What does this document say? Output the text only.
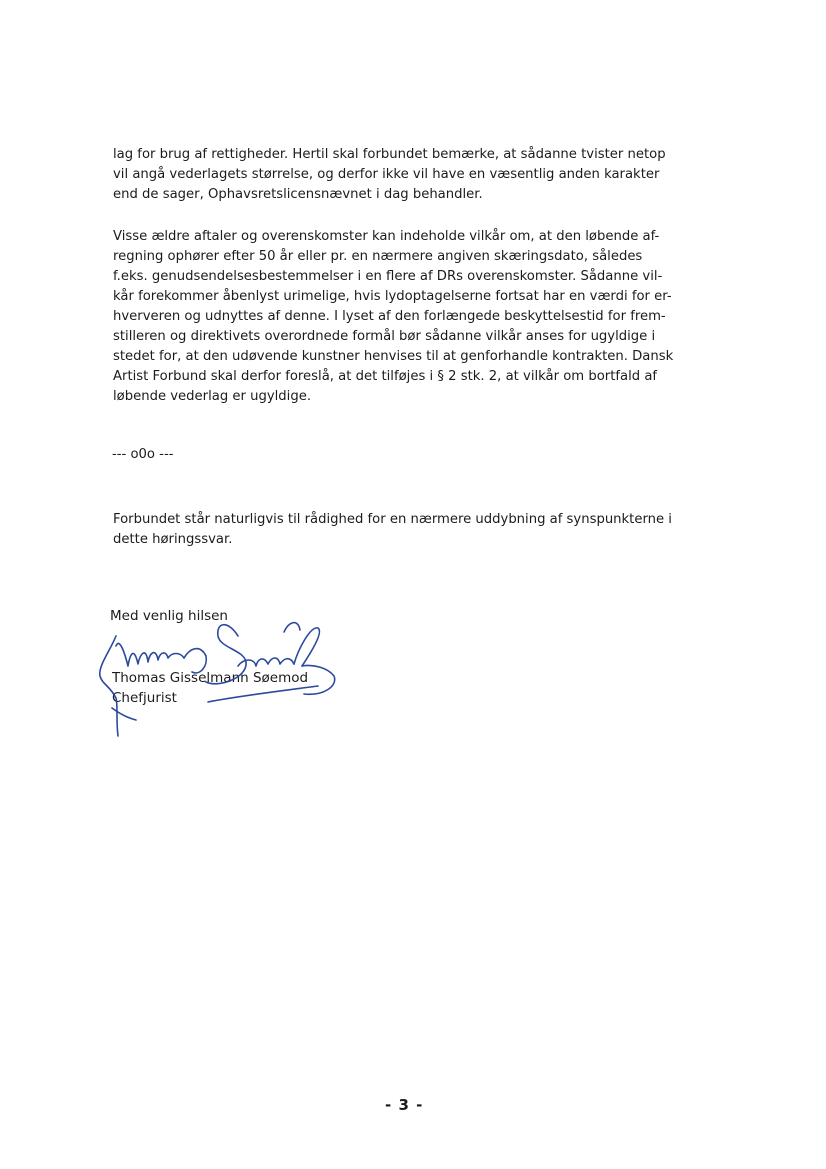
lag for brug af rettigheder. Hertil skal forbundet bemærke, at sådanne tvister netop
vil angå vederlagets størrelse, og derfor ikke vil have en væsentlig anden karakter
end de sager, Ophavsretslicensnævnet i dag behandler.
Visse ældre aftaler og overenskomster kan indeholde vilkår om, at den løbende af-
regning ophører efter 50 år eller pr. en nærmere angiven skæringsdato, således
f.eks. genudsendelsesbestemmelser i en flere af DRs overenskomster. Sådanne vil-
kår forekommer åbenlyst urimelige, hvis lydoptagelserne fortsat har en værdi for er-
hververen og udnyttes af denne. I lyset af den forlængede beskyttelsestid for frem-
stilleren og direktivets overordnede formål bør sådanne vilkår anses for ugyldige i
stedet for, at den udøvende kunstner henvises til at genforhandle kontrakten. Dansk
Artist Forbund skal derfor foreslå, at det tilføjes i § 2 stk. 2, at vilkår om bortfald af
løbende vederlag er ugyldige.
--- o0o ---
Forbundet står naturligvis til rådighed for en nærmere uddybning af synspunkterne i
dette høringssvar.
Med venlig hilsen
Thomas Gisselmann Søemod
Chefjurist
- 3 -
